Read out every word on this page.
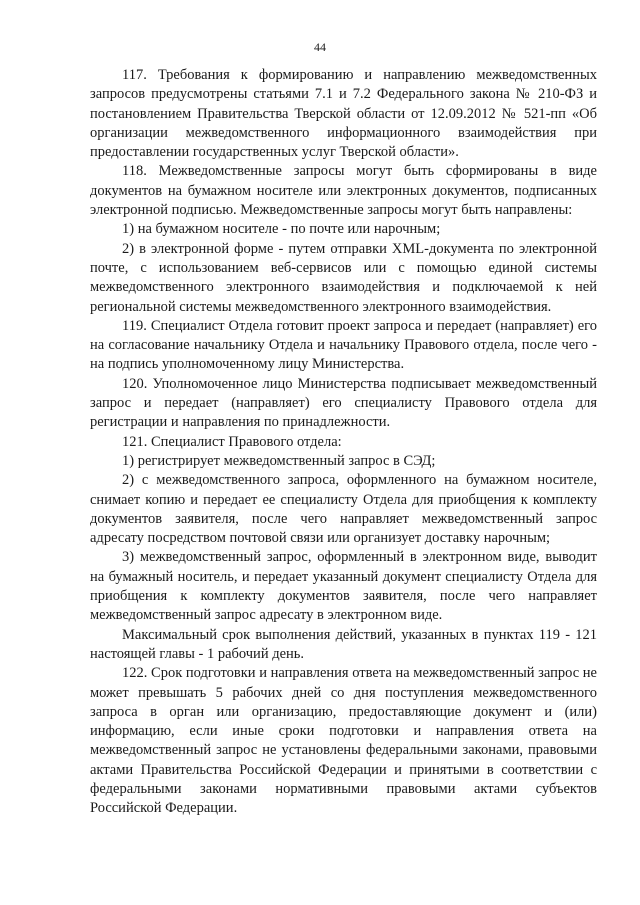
44

117. Требования к формированию и направлению межведомственных запросов предусмотрены статьями 7.1 и 7.2 Федерального закона № 210-ФЗ и постановлением Правительства Тверской области от 12.09.2012 № 521-пп «Об организации межведомственного информационного взаимодействия при предоставлении государственных услуг Тверской области».

118. Межведомственные запросы могут быть сформированы в виде документов на бумажном носителе или электронных документов, подписанных электронной подписью. Межведомственные запросы могут быть направлены:

1) на бумажном носителе - по почте или нарочным;

2) в электронной форме - путем отправки XML-документа по электронной почте, с использованием веб-сервисов или с помощью единой системы межведомственного электронного взаимодействия и подключаемой к ней региональной системы межведомственного электронного взаимодействия.

119. Специалист Отдела готовит проект запроса и передает (направляет) его на согласование начальнику Отдела и начальнику Правового отдела, после чего - на подпись уполномоченному лицу Министерства.

120. Уполномоченное лицо Министерства подписывает межведомственный запрос и передает (направляет) его специалисту Правового отдела для регистрации и направления по принадлежности.

121. Специалист Правового отдела:

1) регистрирует межведомственный запрос в СЭД;

2) с межведомственного запроса, оформленного на бумажном носителе, снимает копию и передает ее специалисту Отдела для приобщения к комплекту документов заявителя, после чего направляет межведомственный запрос адресату посредством почтовой связи или организует доставку нарочным;

3) межведомственный запрос, оформленный в электронном виде, выводит на бумажный носитель, и передает указанный документ специалисту Отдела для приобщения к комплекту документов заявителя, после чего направляет межведомственный запрос адресату в электронном виде.

Максимальный срок выполнения действий, указанных в пунктах 119 - 121 настоящей главы - 1 рабочий день.

122. Срок подготовки и направления ответа на межведомственный запрос не может превышать 5 рабочих дней со дня поступления межведомственного запроса в орган или организацию, предоставляющие документ и (или) информацию, если иные сроки подготовки и направления ответа на межведомственный запрос не установлены федеральными законами, правовыми актами Правительства Российской Федерации и принятыми в соответствии с федеральными законами нормативными правовыми актами субъектов Российской Федерации.
